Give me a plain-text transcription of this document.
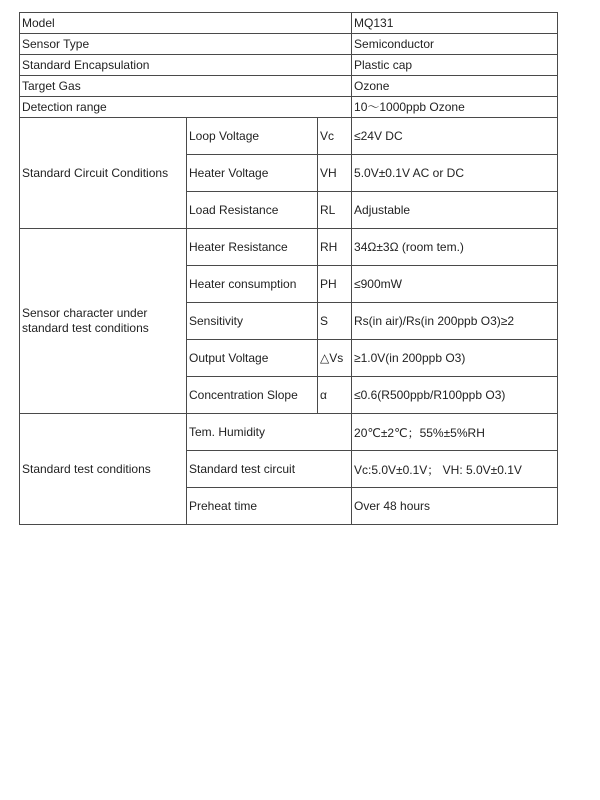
Model			MQ131
Sensor Type			Semiconductor
Standard Encapsulation			Plastic cap
Target Gas			Ozone
Detection range			10～1000ppb Ozone
Standard Circuit Conditions	Loop Voltage	Vc	≤24V DC
	Heater Voltage	VH	5.0V±0.1V AC or DC
	Load Resistance	RL	Adjustable
Sensor character under standard test conditions	Heater Resistance	RH	34Ω±3Ω (room tem.)
	Heater consumption	PH	≤900mW
	Sensitivity	S	Rs(in air)/Rs(in 200ppb O3)≥2
	Output Voltage	△Vs	≥1.0V(in 200ppb O3)
	Concentration Slope	α	≤0.6(R500ppb/R100ppb O3)
Standard test conditions	Tem. Humidity		20℃±2℃；55%±5%RH
	Standard test circuit		Vc:5.0V±0.1V； VH: 5.0V±0.1V
	Preheat time		Over 48 hours
